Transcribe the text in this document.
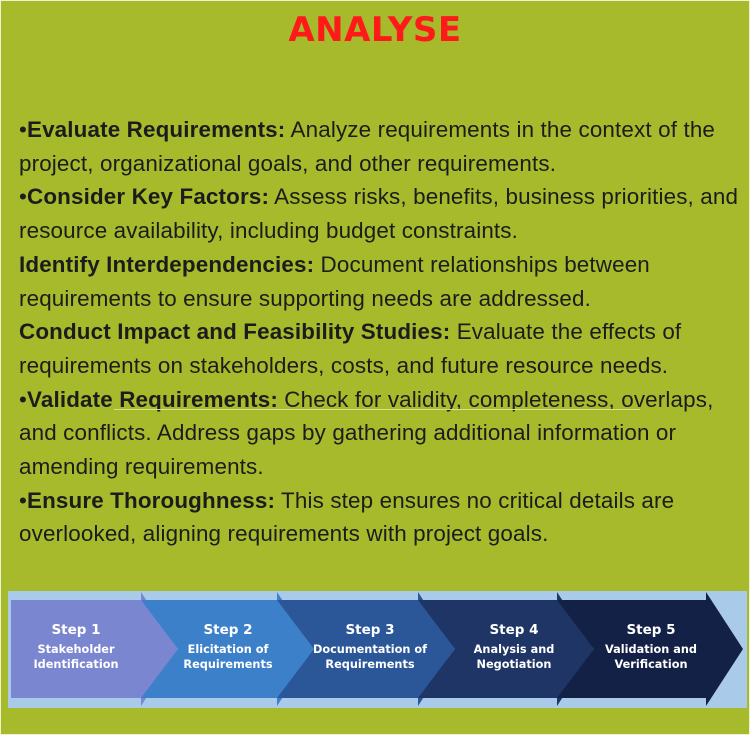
ANALYSE

•Evaluate Requirements: Analyze requirements in the context of the project, organizational goals, and other requirements.

•Consider Key Factors: Assess risks, benefits, business priorities, and resource availability, including budget constraints.

Identify Interdependencies: Document relationships between requirements to ensure supporting needs are addressed.

Conduct Impact and Feasibility Studies: Evaluate the effects of requirements on stakeholders, costs, and future resource needs.

•Validate Requirements: Check for validity, completeness, overlaps, and conflicts. Address gaps by gathering additional information or amending requirements.

•Ensure Thoroughness: This step ensures no critical details are overlooked, aligning requirements with project goals.

Step 1
Stakeholder
Identification
Step 2
Elicitation of
Requirements
Step 3
Documentation of
Requirements
Step 4
Analysis and
Negotiation
Step 5
Validation and
Verification
